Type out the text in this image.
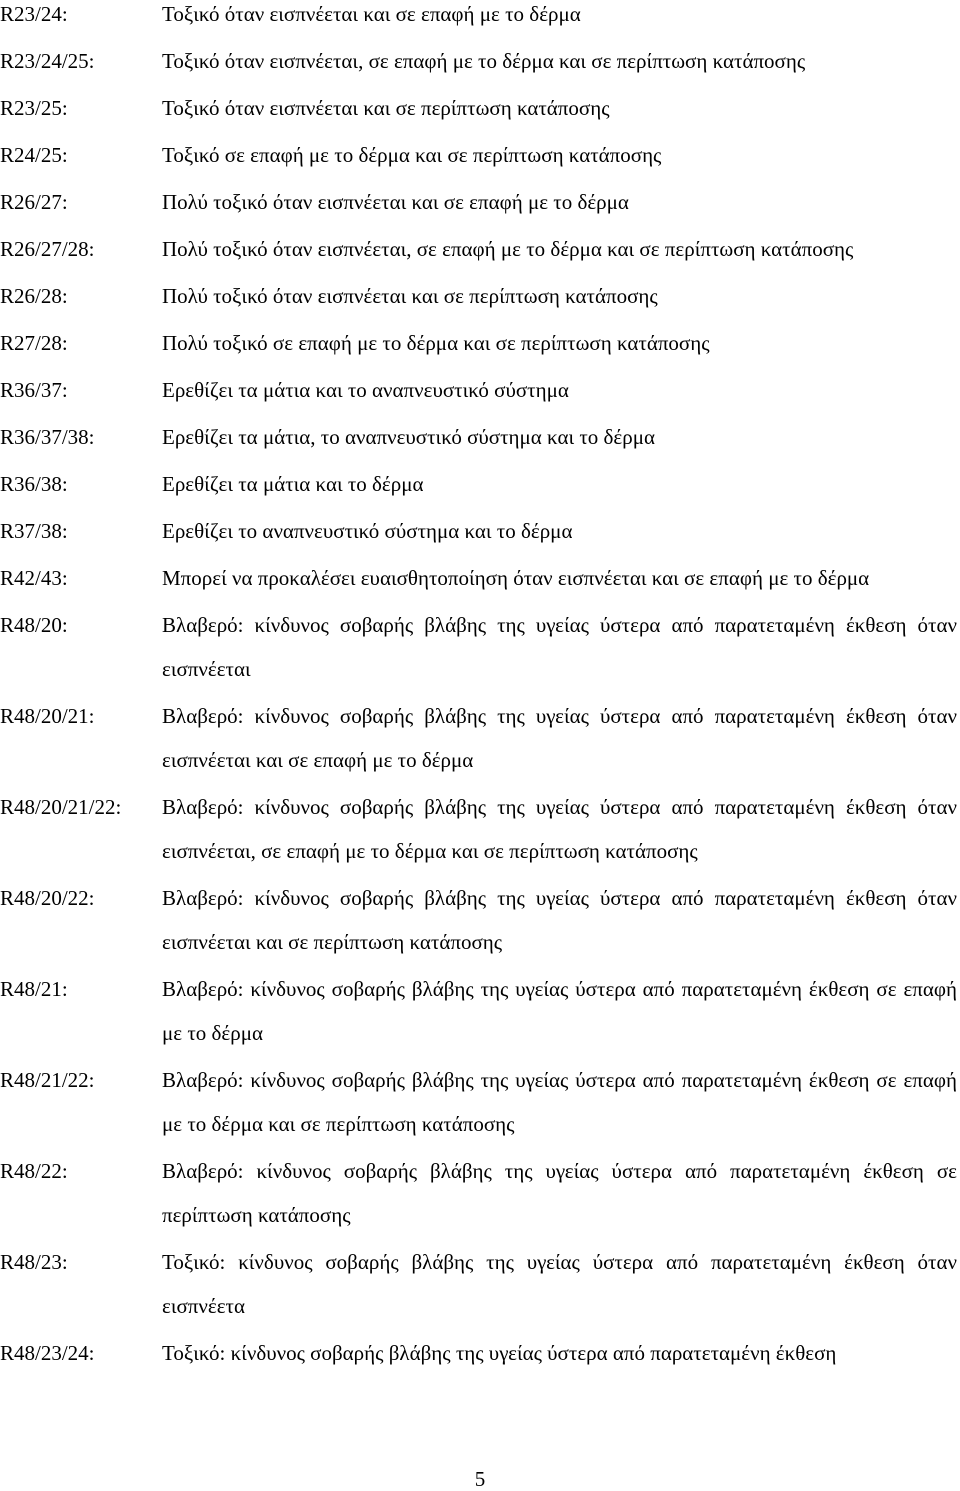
R23/24:	Τοξικό όταν εισπνέεται και σε επαφή με το δέρμα
R23/24/25:	Τοξικό όταν εισπνέεται, σε επαφή με το δέρμα και σε περίπτωση κατάποσης
R23/25:	Τοξικό όταν εισπνέεται και σε περίπτωση κατάποσης
R24/25:	Τοξικό σε επαφή με το δέρμα και σε περίπτωση κατάποσης
R26/27:	Πολύ τοξικό όταν εισπνέεται και σε επαφή με το δέρμα
R26/27/28:	Πολύ τοξικό όταν εισπνέεται, σε επαφή με το δέρμα και σε περίπτωση κατάποσης
R26/28:	Πολύ τοξικό όταν εισπνέεται και σε περίπτωση κατάποσης
R27/28:	Πολύ τοξικό σε επαφή με το δέρμα και σε περίπτωση κατάποσης
R36/37:	Ερεθίζει τα μάτια και το αναπνευστικό σύστημα
R36/37/38:	Ερεθίζει τα μάτια, το αναπνευστικό σύστημα και το δέρμα
R36/38:	Ερεθίζει τα μάτια και το δέρμα
R37/38:	Ερεθίζει το αναπνευστικό σύστημα και το δέρμα
R42/43:	Μπορεί να προκαλέσει ευαισθητοποίηση όταν εισπνέεται και σε επαφή με το δέρμα
R48/20:	Βλαβερό: κίνδυνος σοβαρής βλάβης της υγείας ύστερα από παρατεταμένη έκθεση όταν εισπνέεται
R48/20/21:	Βλαβερό: κίνδυνος σοβαρής βλάβης της υγείας ύστερα από παρατεταμένη έκθεση όταν εισπνέεται και σε επαφή με το δέρμα
R48/20/21/22:	Βλαβερό: κίνδυνος σοβαρής βλάβης της υγείας ύστερα από παρατεταμένη έκθεση όταν εισπνέεται, σε επαφή με το δέρμα και σε περίπτωση κατάποσης
R48/20/22:	Βλαβερό: κίνδυνος σοβαρής βλάβης της υγείας ύστερα από παρατεταμένη έκθεση όταν εισπνέεται και σε περίπτωση κατάποσης
R48/21:	Βλαβερό: κίνδυνος σοβαρής βλάβης της υγείας ύστερα από παρατεταμένη έκθεση σε επαφή με το δέρμα
R48/21/22:	Βλαβερό: κίνδυνος σοβαρής βλάβης της υγείας ύστερα από παρατεταμένη έκθεση σε επαφή με το δέρμα και σε περίπτωση κατάποσης
R48/22:	Βλαβερό: κίνδυνος σοβαρής βλάβης της υγείας ύστερα από παρατεταμένη έκθεση σε περίπτωση κατάποσης
R48/23:	Τοξικό: κίνδυνος σοβαρής βλάβης της υγείας ύστερα από παρατεταμένη έκθεση όταν εισπνέετα
R48/23/24:	Τοξικό: κίνδυνος σοβαρής βλάβης της υγείας ύστερα από παρατεταμένη έκθεση
5
